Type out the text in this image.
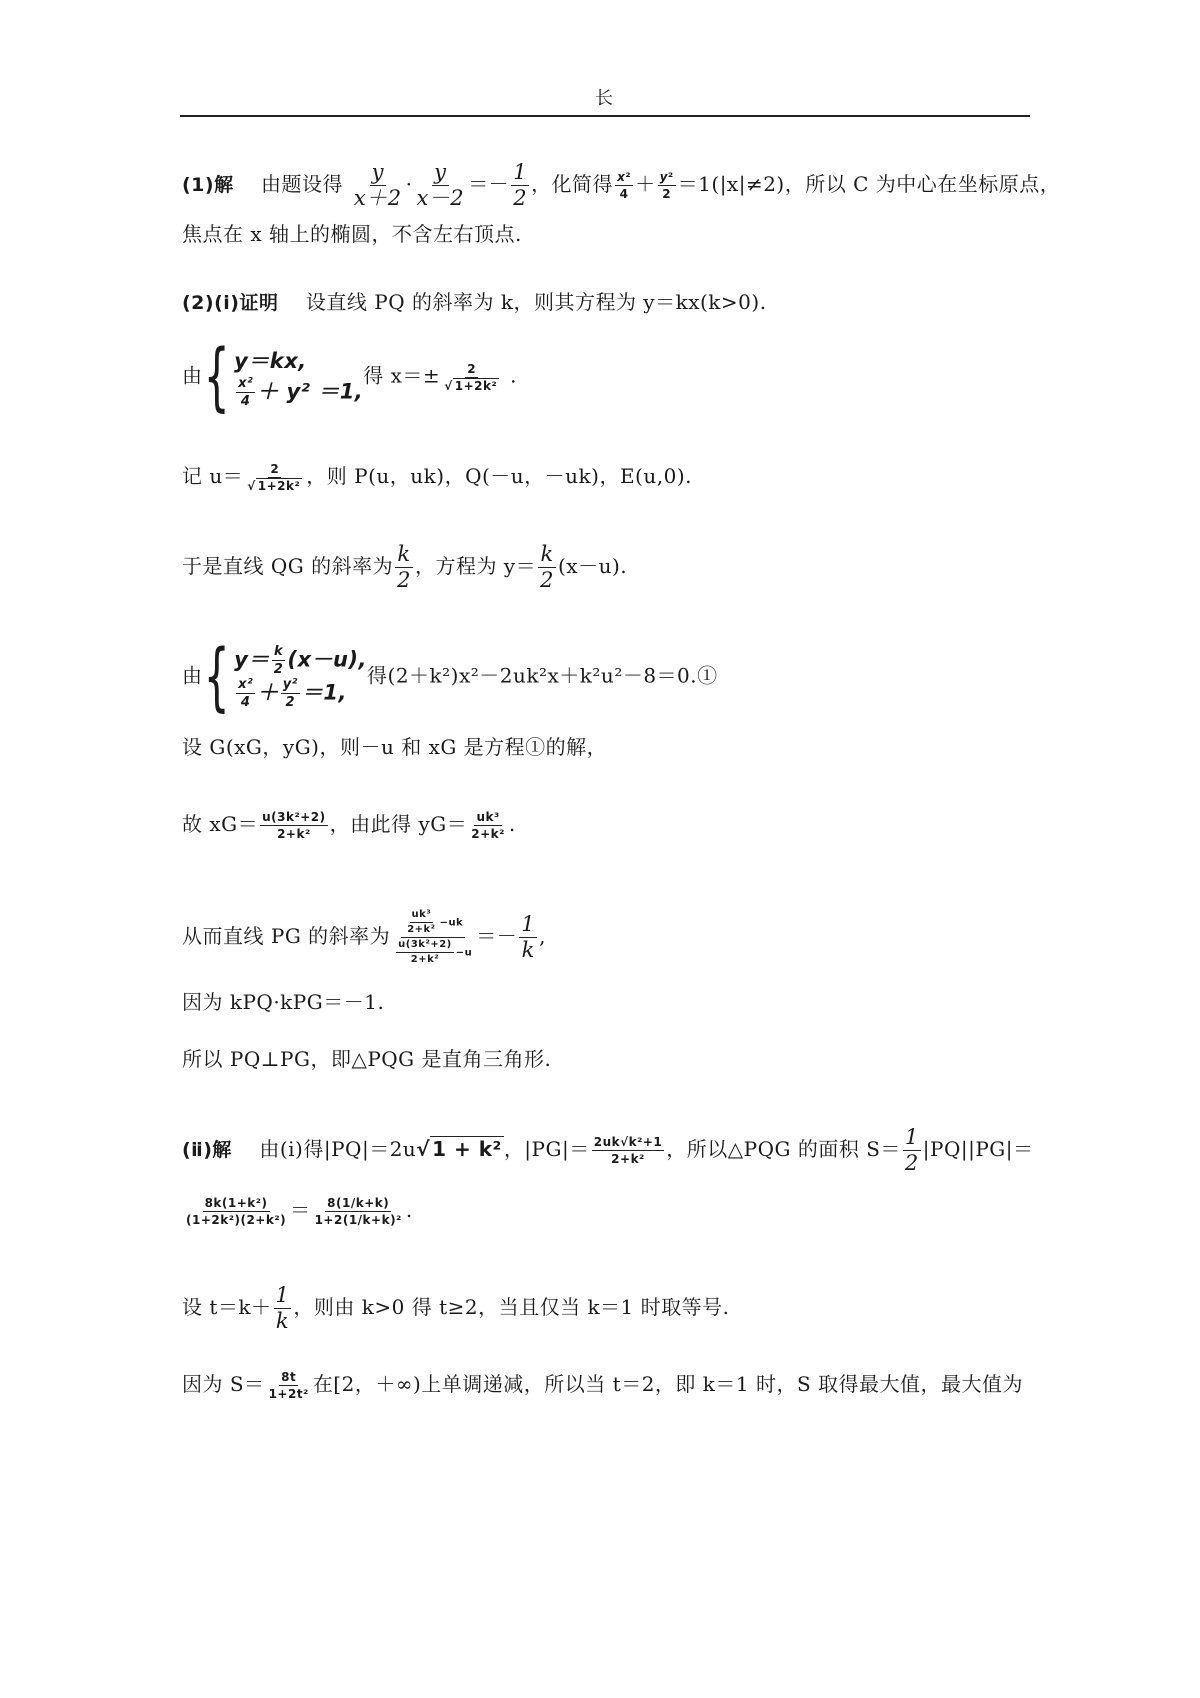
长
(1)解 由题设得 $\frac{y}{x+2} \cdot \frac{y}{x-2} =- \frac{1}{2}$ ，化简得 $\frac{\text{x²}}{4} + \frac{\text{y²}}{2} =1(|x|\ne 2)$，所以 C 为中心在坐标原点，
焦点在 x 轴上的椭圆，不含左右顶点.
(2)(ⅰ)证明 设直线 PQ 的斜率为 k，则其方程为 y＝kx(k>0).
由 { y＝kx,
$\frac{\text{x²}}{4} + y^2 =1$,
得 $x=\pm \frac{2}{\text{√ 1+2k²}}$ .
记 $u= \frac{2}{\text{√ 1+2k²}}$ ，则 P(u，uk)，Q(－u，－uk)，E(u,0).
于是直线 QG 的斜率为 $\frac{k}{2}$ ，方程为 $y= \frac{k}{2} (x-u)$.
由 { $y= \frac{k}{2} (x-u)$,
$\frac{\text{x²}}{4} + \frac{\text{y²}}{2} =1$,
得(2＋k²)x²－2uk²x＋k²u²－8＝0.①
设 G(xG，yG)，则－u 和 xG 是方程①的解，
故 $xG= \frac{\text{u(3k²+2)}}{\text{2+k²}}$ ，由此得 $yG= \frac{\text{uk³}}{\text{2+k²}}$ .
从而直线 PG 的斜率为 $\frac{\frac{\text{uk³}}{\text{2+k²}} -uk}{\frac{\text{u(3k²+2)}}{\text{2+k²}} -u} =- \frac{1}{k}$ ,
因为 kPQ·kPG＝－1.
所以 PQ⊥PG，即△PQG 是直角三角形.
(ⅱ)解 由(ⅰ)得|PQ|＝2u√ 1 + k² ，$|PG|= \frac{\text{2uk√k²+1}}{\text{2+k²}}$ ，所以△PQG 的面积 $S= \frac{1}{2} |PQ||PG|=$
$\frac{\text{8k(1+k²)}}{\text{(1+2k²)(2+k²)}} = \frac{8(1/k+k)}{\text{1+2(1/k+k)²}}$ .
设 $t=k+ \frac{1}{k}$ ，则由 k>0 得 t≥2，当且仅当 k＝1 时取等号.
因为 $S= \frac{8t}{\text{1+2t²}}$ 在[2，＋∞)上单调递减，所以当 t＝2，即 k＝1 时，S 取得最大值，最大值为
